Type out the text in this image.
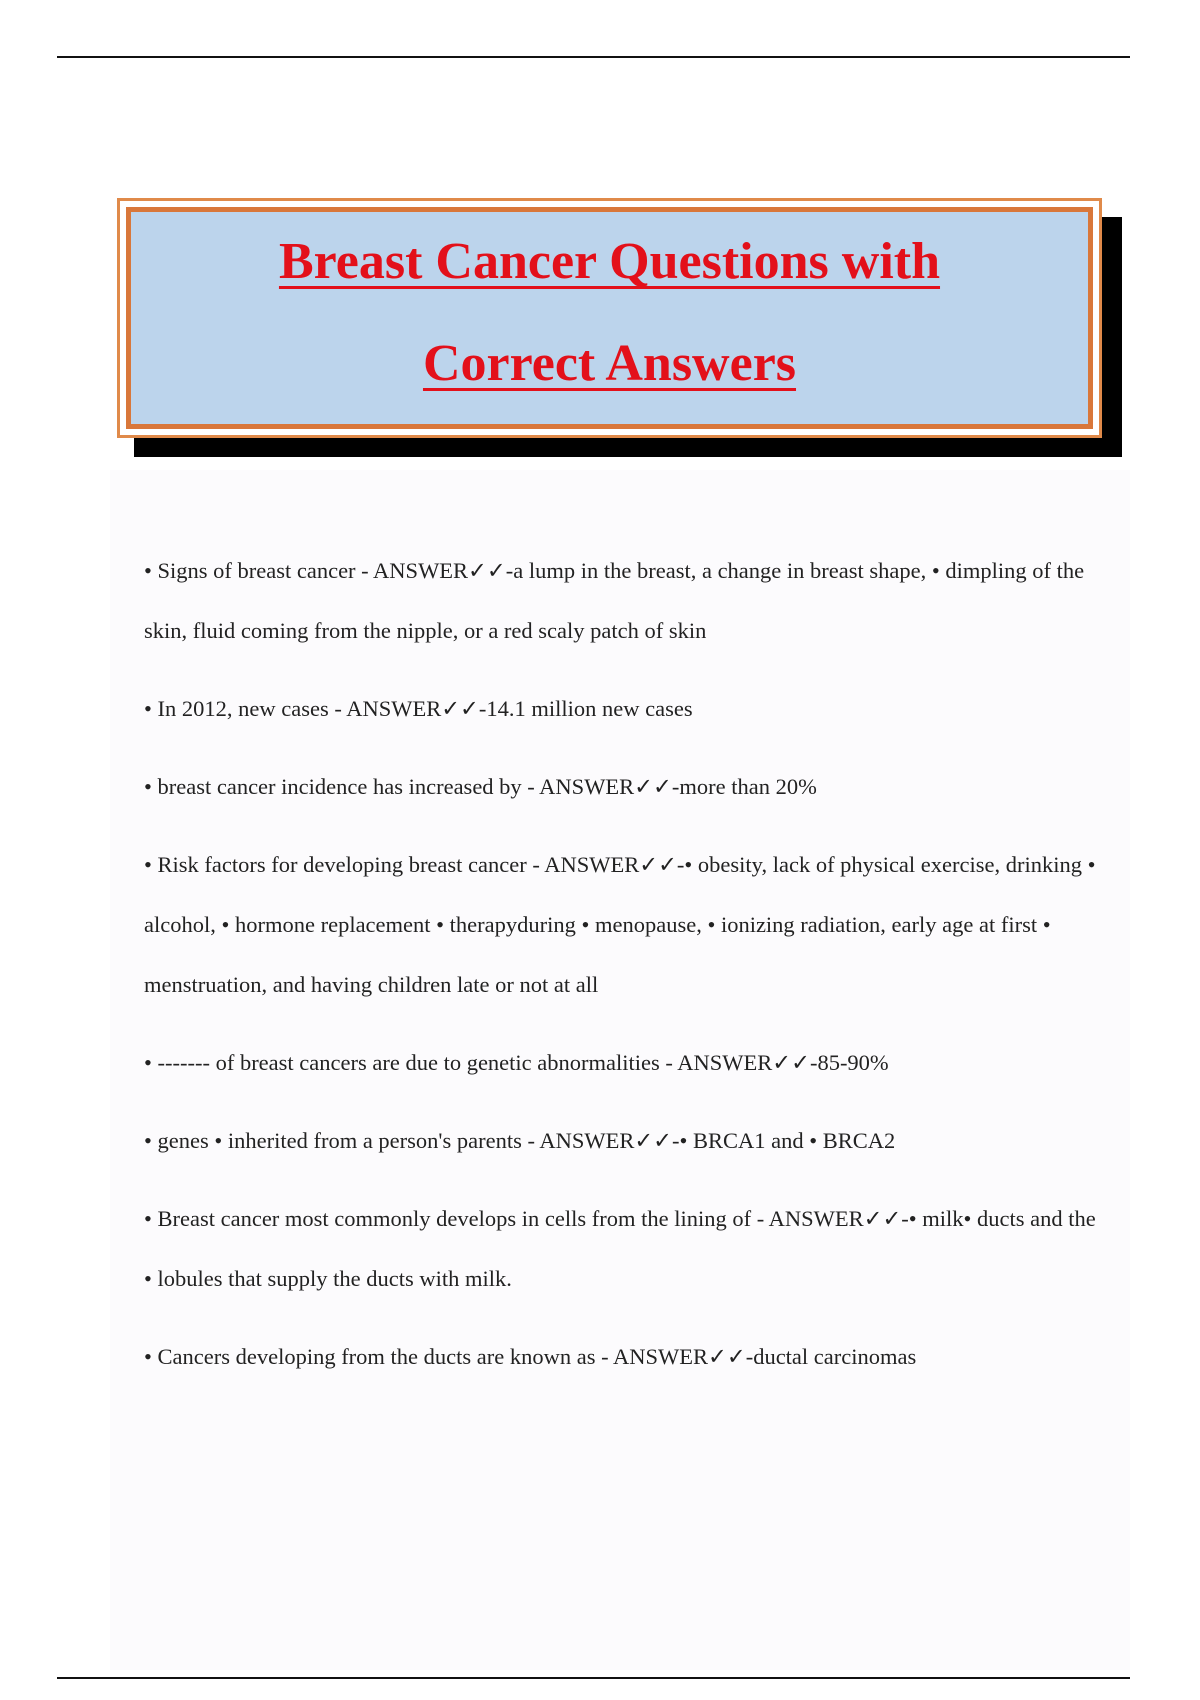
Breast Cancer Questions with
Correct Answers
• Signs of breast cancer - ANSWER✓✓-a lump in the breast, a change in breast shape, • dimpling of the skin, fluid coming from the nipple, or a red scaly patch of skin
• In 2012, new cases - ANSWER✓✓-14.1 million new cases
• breast cancer incidence has increased by - ANSWER✓✓-more than 20%
• Risk factors for developing breast cancer - ANSWER✓✓-• obesity, lack of physical exercise, drinking • alcohol, • hormone replacement • therapyduring • menopause, • ionizing radiation, early age at first • menstruation, and having children late or not at all
• ------- of breast cancers are due to genetic abnormalities - ANSWER✓✓-85-90%
• genes • inherited from a person's parents - ANSWER✓✓-• BRCA1 and • BRCA2
• Breast cancer most commonly develops in cells from the lining of - ANSWER✓✓-• milk• ducts and the • lobules that supply the ducts with milk.
• Cancers developing from the ducts are known as - ANSWER✓✓-ductal carcinomas
